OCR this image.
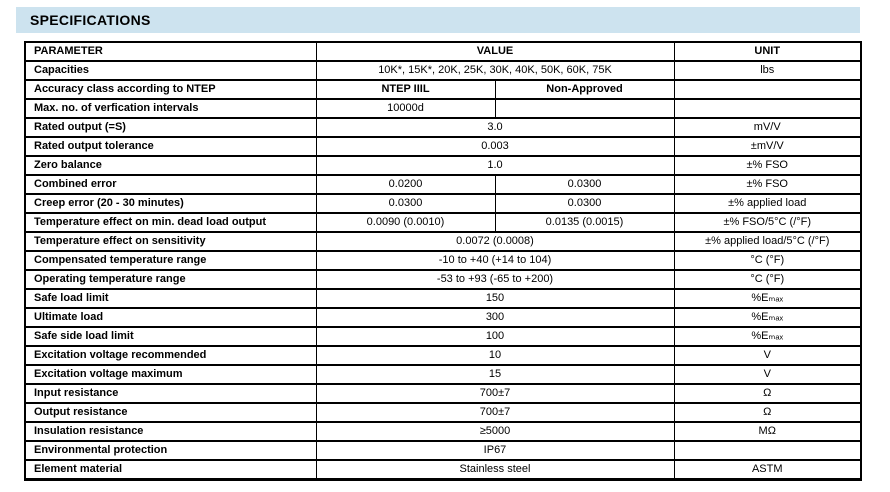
SPECIFICATIONS
PARAMETER	VALUE		UNIT
Capacities	10K*, 15K*, 20K, 25K, 30K, 40K, 50K, 60K, 75K		lbs
Accuracy class according to NTEP	NTEP IIIL	Non-Approved	
Max. no. of verfication intervals	10000d		
Rated output (=S)	3.0		mV/V
Rated output tolerance	0.003		±mV/V
Zero balance	1.0		±% FSO
Combined error	0.0200	0.0300	±% FSO
Creep error (20 - 30 minutes)	0.0300	0.0300	±% applied load
Temperature effect on min. dead load output	0.0090 (0.0010)	0.0135 (0.0015)	±% FSO/5°C (/°F)
Temperature effect on sensitivity	0.0072 (0.0008)		±% applied load/5°C (/°F)
Compensated temperature range	-10 to +40 (+14 to 104)		°C (°F)
Operating temperature range	-53 to +93 (-65 to +200)		°C (°F)
Safe load limit	150		%Eₘₐₓ
Ultimate load	300		%Eₘₐₓ
Safe side load limit	100		%Eₘₐₓ
Excitation voltage recommended	10		V
Excitation voltage maximum	15		V
Input resistance	700±7		Ω
Output resistance	700±7		Ω
Insulation resistance	≥5000		MΩ
Environmental protection	IP67		
Element material	Stainless steel		ASTM
